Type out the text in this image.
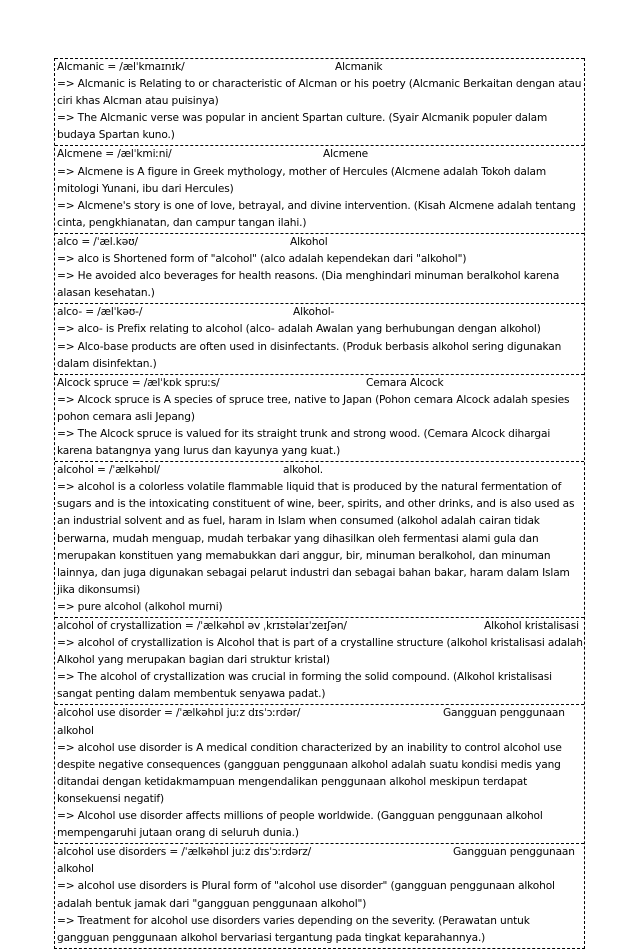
Alcmanic = /ælˈkmaɪnɪk/	Alcmanik
=> Alcmanic is Relating to or characteristic of Alcman or his poetry (Alcmanic Berkaitan dengan atau ciri khas Alcman atau puisinya)
=> The Alcmanic verse was popular in ancient Spartan culture. (Syair Alcmanik populer dalam budaya Spartan kuno.)
Alcmene = /ælˈkmiːni/	Alcmene
=> Alcmene is A figure in Greek mythology, mother of Hercules (Alcmene adalah Tokoh dalam mitologi Yunani, ibu dari Hercules)
=> Alcmene's story is one of love, betrayal, and divine intervention. (Kisah Alcmene adalah tentang cinta, pengkhianatan, dan campur tangan ilahi.)
alco = /ˈæl.kəʊ/	Alkohol
=> alco is Shortened form of "alcohol" (alco adalah kependekan dari "alkohol")
=> He avoided alco beverages for health reasons. (Dia menghindari minuman beralkohol karena alasan kesehatan.)
alco- = /ælˈkəʊ-/	Alkohol-
=> alco- is Prefix relating to alcohol (alco- adalah Awalan yang berhubungan dengan alkohol)
=> Alco-base products are often used in disinfectants. (Produk berbasis alkohol sering digunakan dalam disinfektan.)
Alcock spruce = /ælˈkɒk spruːs/	Cemara Alcock
=> Alcock spruce is A species of spruce tree, native to Japan (Pohon cemara Alcock adalah spesies pohon cemara asli Jepang)
=> The Alcock spruce is valued for its straight trunk and strong wood. (Cemara Alcock dihargai karena batangnya yang lurus dan kayunya yang kuat.)
alcohol = /ˈælkəhɒl/	alkohol.
=> alcohol is a colorless volatile flammable liquid that is produced by the natural fermentation of sugars and is the intoxicating constituent of wine, beer, spirits, and other drinks, and is also used as an industrial solvent and as fuel, haram in Islam when consumed (alkohol adalah cairan tidak berwarna, mudah menguap, mudah terbakar yang dihasilkan oleh fermentasi alami gula dan merupakan konstituen yang memabukkan dari anggur, bir, minuman beralkohol, dan minuman lainnya, dan juga digunakan sebagai pelarut industri dan sebagai bahan bakar, haram dalam Islam jika dikonsumsi)
=> pure alcohol (alkohol murni)
alcohol of crystallization = /ˈælkəhɒl əv ˌkrɪstəlaɪˈzeɪʃən/	Alkohol kristalisasi
=> alcohol of crystallization is Alcohol that is part of a crystalline structure (alkohol kristalisasi adalah Alkohol yang merupakan bagian dari struktur kristal)
=> The alcohol of crystallization was crucial in forming the solid compound. (Alkohol kristalisasi sangat penting dalam membentuk senyawa padat.)
alcohol use disorder = /ˈælkəhɒl juːz dɪsˈɔːrdər/	Gangguan penggunaan
alkohol
=> alcohol use disorder is A medical condition characterized by an inability to control alcohol use despite negative consequences (gangguan penggunaan alkohol adalah suatu kondisi medis yang ditandai dengan ketidakmampuan mengendalikan penggunaan alkohol meskipun terdapat konsekuensi negatif)
=> Alcohol use disorder affects millions of people worldwide. (Gangguan penggunaan alkohol mempengaruhi jutaan orang di seluruh dunia.)
alcohol use disorders = /ˈælkəhɒl juːz dɪsˈɔːrdərz/	Gangguan penggunaan
alkohol
=> alcohol use disorders is Plural form of "alcohol use disorder" (gangguan penggunaan alkohol adalah bentuk jamak dari "gangguan penggunaan alkohol")
=> Treatment for alcohol use disorders varies depending on the severity. (Perawatan untuk gangguan penggunaan alkohol bervariasi tergantung pada tingkat keparahannya.)
